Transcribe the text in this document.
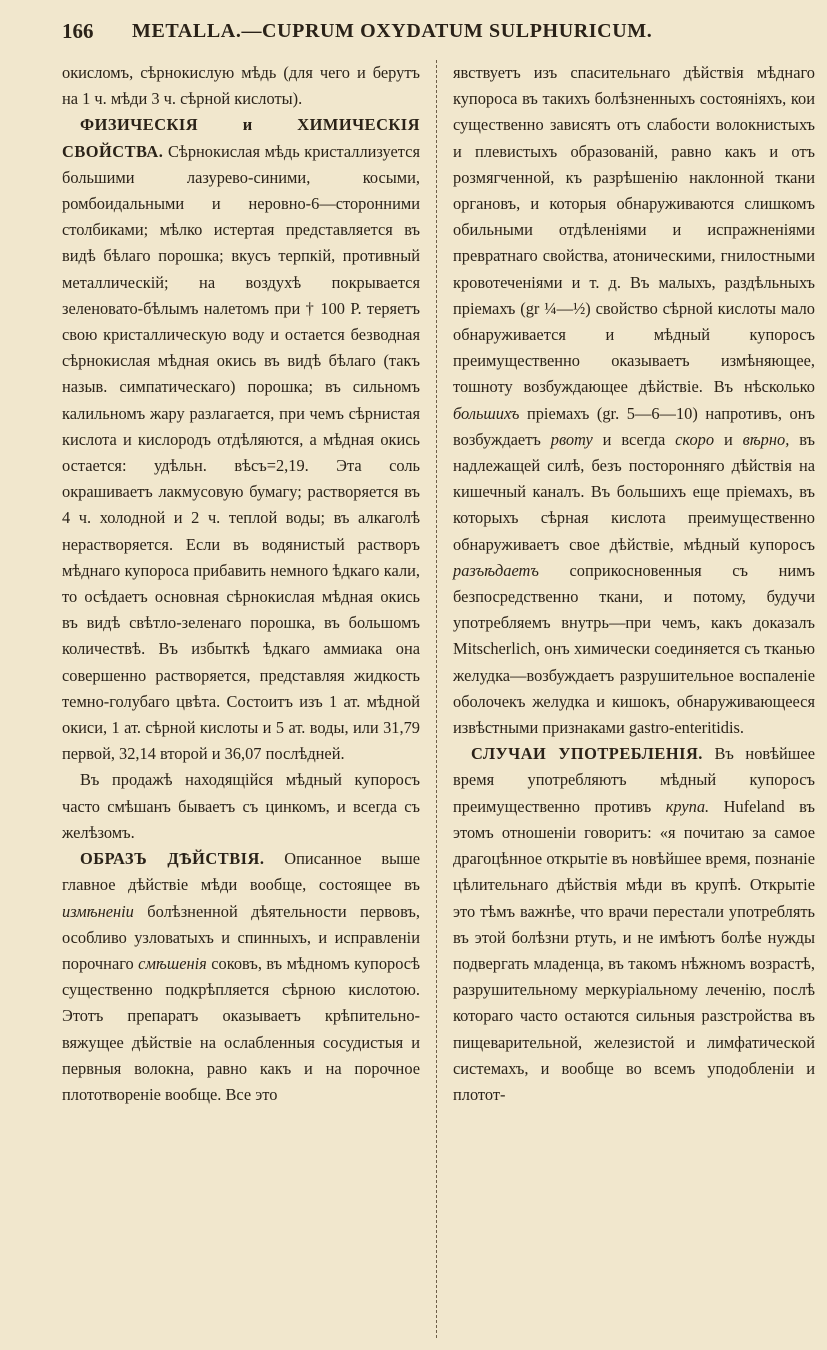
166	METALLA.—CUPRUM OXYDATUM SULPHURICUM.

окисломъ, сѣрнокислую мѣдь (для чего и берутъ на 1 ч. мѣди 3 ч. сѣрной кислоты).

ФИЗИЧЕСКІЯ и ХИМИЧЕСКІЯ СВОЙСТВА. Сѣрнокислая мѣдь кристаллизуется большими лазурево-синими, косыми, ромбоидальными и неровно-6—сторонними столбиками; мѣлко истертая представляется въ видѣ бѣлаго порошка; вкусъ терпкій, противный металлическій; на воздухѣ покрывается зеленовато-бѣлымъ налетомъ при † 100 Р. теряетъ свою кристаллическую воду и остается безводная сѣрнокислая мѣдная окись въ видѣ бѣлаго (такъ назыв. симпатическаго) порошка; въ сильномъ калильномъ жару разлагается, при чемъ сѣрнистая кислота и кислородъ отдѣляются, а мѣдная окись остается: удѣльн. вѣсъ=2,19. Эта соль окрашиваетъ лакмусовую бумагу; растворяется въ 4 ч. холодной и 2 ч. теплой воды; въ алкаголѣ нерастворяется. Если въ водянистый растворъ мѣднаго купороса прибавить немного ѣдкаго кали, то осѣдаетъ основная сѣрнокислая мѣдная окись въ видѣ свѣтло-зеленаго порошка, въ большомъ количествѣ. Въ избыткѣ ѣдкаго аммиака она совершенно растворяется, представляя жидкость темно-голубаго цвѣта. Состоитъ изъ 1 ат. мѣдной окиси, 1 ат. сѣрной кислоты и 5 ат. воды, или 31,79 первой, 32,14 второй и 36,07 послѣдней.

Въ продажѣ находящійся мѣдный купоросъ часто смѣшанъ бываетъ съ цинкомъ, и всегда съ желѣзомъ.

ОБРАЗЪ ДѢЙСТВІЯ. Описанное выше главное дѣйствіе мѣди вообще, состоящее въ измѣненіи болѣзненной дѣятельности первовъ, особливо узловатыхъ и спинныхъ, и исправленіи порочнаго смѣшенія соковъ, въ мѣдномъ купоросѣ существенно подкрѣпляется сѣрною кислотою. Этотъ препаратъ оказываетъ крѣпительно-вяжущее дѣйствіе на ослабленныя сосудистыя и первныя волокна, равно какъ и на порочное плототвореніе вообще. Все это

явствуетъ изъ спасительнаго дѣйствія мѣднаго купороса въ такихъ болѣзненныхъ состояніяхъ, кои существенно зависятъ отъ слабости волокнистыхъ и плевистыхъ образованій, равно какъ и отъ розмягченной, къ разрѣшенію наклонной ткани органовъ, и которыя обнаруживаются слишкомъ обильными отдѣленіями и испражненіями превратнаго свойства, атоническими, гнилостными кровотеченіями и т. д. Въ малыхъ, раздѣльныхъ пріемахъ (gr ¼—½) свойство сѣрной кислоты мало обнаруживается и мѣдный купоросъ преимущественно оказываетъ измѣняющее, тошноту возбуждающее дѣйствіе. Въ нѣсколько большихъ пріемахъ (gr. 5—6—10) напротивъ, онъ возбуждаетъ рвоту и всегда скоро и вѣрно, въ надлежащей силѣ, безъ посторонняго дѣйствія на кишечный каналъ. Въ большихъ еще пріемахъ, въ которыхъ сѣрная кислота преимущественно обнаруживаетъ свое дѣйствіе, мѣдный купоросъ разъѣдаетъ соприкосновенныя съ нимъ безпосредственно ткани, и потому, будучи употребляемъ внутрь—при чемъ, какъ доказалъ Mitscherlich, онъ химически соединяется съ тканью желудка—возбуждаетъ разрушительное воспаленіе оболочекъ желудка и кишокъ, обнаруживающееся извѣстными признаками gastro-enteritidis.

СЛУЧАИ УПОТРЕБЛЕНІЯ. Въ новѣйшее время употребляютъ мѣдный купоросъ преимущественно противъ крупа. Hufeland въ этомъ отношеніи говоритъ: «я почитаю за самое драгоцѣнное открытіе въ новѣйшее время, познаніе цѣлительнаго дѣйствія мѣди въ крупѣ. Открытіе это тѣмъ важнѣе, что врачи перестали употреблять въ этой болѣзни ртуть, и не имѣютъ болѣе нужды подвергать младенца, въ такомъ нѣжномъ возрастѣ, разрушительному меркуріальному леченію, послѣ котораго часто остаются сильныя разстройства въ пищеварительной, железистой и лимфатической системахъ, и вообще во всемъ уподобленіи и плотот-
